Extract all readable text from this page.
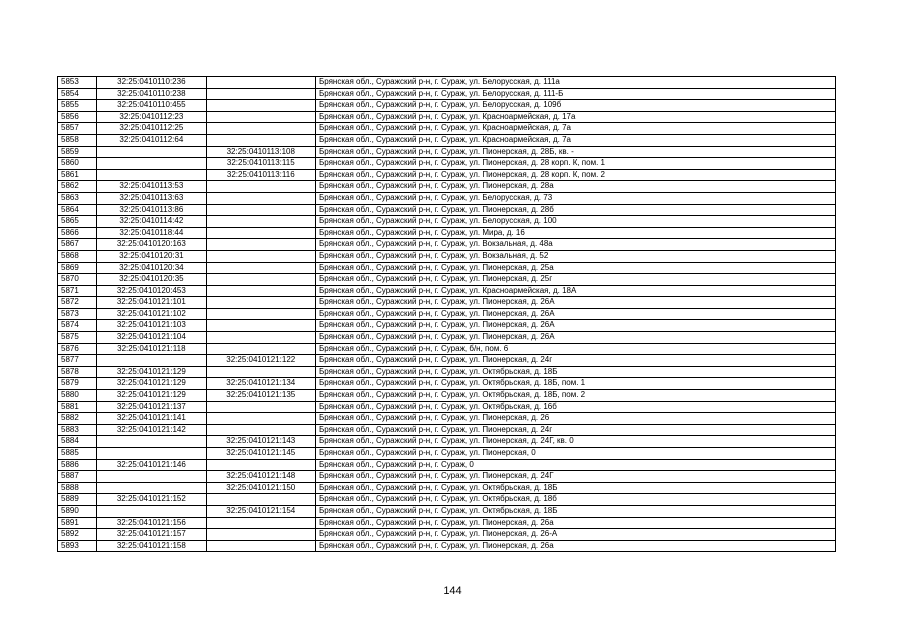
5853	32:25:0410110:236		Брянская обл., Суражский р-н, г. Сураж, ул. Белорусская, д. 111а
5854	32:25:0410110:238		Брянская обл., Суражский р-н, г. Сураж, ул. Белорусская, д. 111-Б
5855	32:25:0410110:455		Брянская обл., Суражский р-н, г. Сураж, ул. Белорусская, д. 109б
5856	32:25:0410112:23		Брянская обл., Суражский р-н, г. Сураж, ул. Красноармейская, д. 17а
5857	32:25:0410112:25		Брянская обл., Суражский р-н, г. Сураж, ул. Красноармейская, д. 7а
5858	32:25:0410112:64		Брянская обл., Суражский р-н, г. Сураж, ул. Красноармейская, д. 7а
5859		32:25:0410113:108	Брянская обл., Суражский р-н, г. Сураж, ул. Пионерская, д. 28Б, кв. -
5860		32:25:0410113:115	Брянская обл., Суражский р-н, г. Сураж, ул. Пионерская, д. 28 корп. К, пом. 1
5861		32:25:0410113:116	Брянская обл., Суражский р-н, г. Сураж, ул. Пионерская, д. 28 корп. К, пом. 2
5862	32:25:0410113:53		Брянская обл., Суражский р-н, г. Сураж, ул. Пионерская, д. 28а
5863	32:25:0410113:63		Брянская обл., Суражский р-н, г. Сураж, ул. Белорусская, д. 73
5864	32:25:0410113:86		Брянская обл., Суражский р-н, г. Сураж, ул. Пионерская, д. 28б
5865	32:25:0410114:42		Брянская обл., Суражский р-н, г. Сураж, ул. Белорусская, д. 100
5866	32:25:0410118:44		Брянская обл., Суражский р-н, г. Сураж, ул. Мира, д. 16
5867	32:25:0410120:163		Брянская обл., Суражский р-н, г. Сураж, ул. Вокзальная, д. 48а
5868	32:25:0410120:31		Брянская обл., Суражский р-н, г. Сураж, ул. Вокзальная, д. 52
5869	32:25:0410120:34		Брянская обл., Суражский р-н, г. Сураж, ул. Пионерская, д. 25а
5870	32:25:0410120:35		Брянская обл., Суражский р-н, г. Сураж, ул. Пионерская, д. 25г
5871	32:25:0410120:453		Брянская обл., Суражский р-н, г. Сураж, ул. Красноармейская, д. 18А
5872	32:25:0410121:101		Брянская обл., Суражский р-н, г. Сураж, ул. Пионерская, д. 26А
5873	32:25:0410121:102		Брянская обл., Суражский р-н, г. Сураж, ул. Пионерская, д. 26А
5874	32:25:0410121:103		Брянская обл., Суражский р-н, г. Сураж, ул. Пионерская, д. 26А
5875	32:25:0410121:104		Брянская обл., Суражский р-н, г. Сураж, ул. Пионерская, д. 26А
5876	32:25:0410121:118		Брянская обл., Суражский р-н, г. Сураж, б/н, пом. 6
5877		32:25:0410121:122	Брянская обл., Суражский р-н, г. Сураж, ул. Пионерская, д. 24г
5878	32:25:0410121:129		Брянская обл., Суражский р-н, г. Сураж, ул. Октябрьская, д. 18Б
5879	32:25:0410121:129	32:25:0410121:134	Брянская обл., Суражский р-н, г. Сураж, ул. Октябрьская, д. 18Б, пом. 1
5880	32:25:0410121:129	32:25:0410121:135	Брянская обл., Суражский р-н, г. Сураж, ул. Октябрьская, д. 18Б, пом. 2
5881	32:25:0410121:137		Брянская обл., Суражский р-н, г. Сураж, ул. Октябрьская, д. 16б
5882	32:25:0410121:141		Брянская обл., Суражский р-н, г. Сураж, ул. Пионерская, д. 26
5883	32:25:0410121:142		Брянская обл., Суражский р-н, г. Сураж, ул. Пионерская, д. 24г
5884		32:25:0410121:143	Брянская обл., Суражский р-н, г. Сураж, ул. Пионерская, д. 24Г, кв. 0
5885		32:25:0410121:145	Брянская обл., Суражский р-н, г. Сураж, ул. Пионерская, 0
5886	32:25:0410121:146		Брянская обл., Суражский р-н, г. Сураж, 0
5887		32:25:0410121:148	Брянская обл., Суражский р-н, г. Сураж, ул. Пионерская, д. 24Г
5888		32:25:0410121:150	Брянская обл., Суражский р-н, г. Сураж, ул. Октябрьская, д. 18Б
5889	32:25:0410121:152		Брянская обл., Суражский р-н, г. Сураж, ул. Октябрьская, д. 18б
5890		32:25:0410121:154	Брянская обл., Суражский р-н, г. Сураж, ул. Октябрьская, д. 18Б
5891	32:25:0410121:156		Брянская обл., Суражский р-н, г. Сураж, ул. Пионерская, д. 26а
5892	32:25:0410121:157		Брянская обл., Суражский р-н, г. Сураж, ул. Пионерская, д. 26-А
5893	32:25:0410121:158		Брянская обл., Суражский р-н, г. Сураж, ул. Пионерская, д. 26а
144
